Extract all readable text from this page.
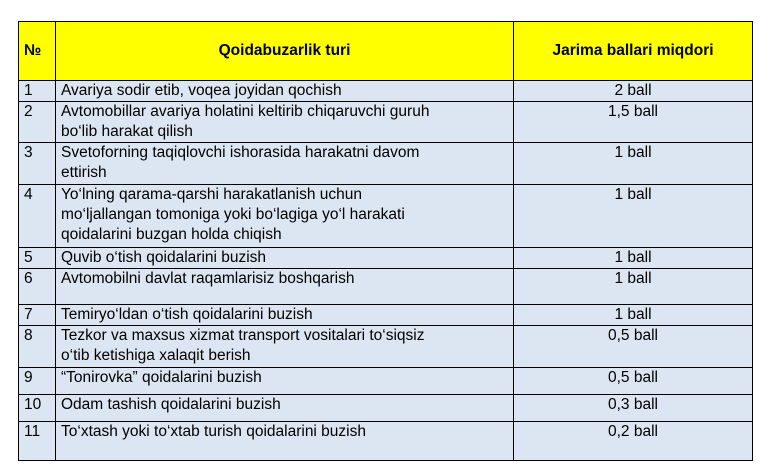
№	Qoidabuzarlik turi	Jarima ballari miqdori
1	Avariya sodir etib, voqea joyidan qochish	2 ball
2	Avtomobillar avariya holatini keltirib chiqaruvchi guruh
bo‘lib harakat qilish	1,5 ball
3	Svetoforning taqiqlovchi ishorasida harakatni davom
ettirish	1 ball
4	Yo‘lning qarama-qarshi harakatlanish uchun
mo‘ljallangan tomoniga yoki bo‘lagiga yo‘l harakati
qoidalarini buzgan holda chiqish	1 ball
5	Quvib o‘tish qoidalarini buzish	1 ball
6	Avtomobilni davlat raqamlarisiz boshqarish	1 ball
7	Temiryo‘ldan o‘tish qoidalarini buzish	1 ball
8	Tezkor va maxsus xizmat transport vositalari to‘siqsiz
o‘tib ketishiga xalaqit berish	0,5 ball
9	“Tonirovka” qoidalarini buzish	0,5 ball
10	Odam tashish qoidalarini buzish	0,3 ball
11	To‘xtash yoki to‘xtab turish qoidalarini buzish	0,2 ball
